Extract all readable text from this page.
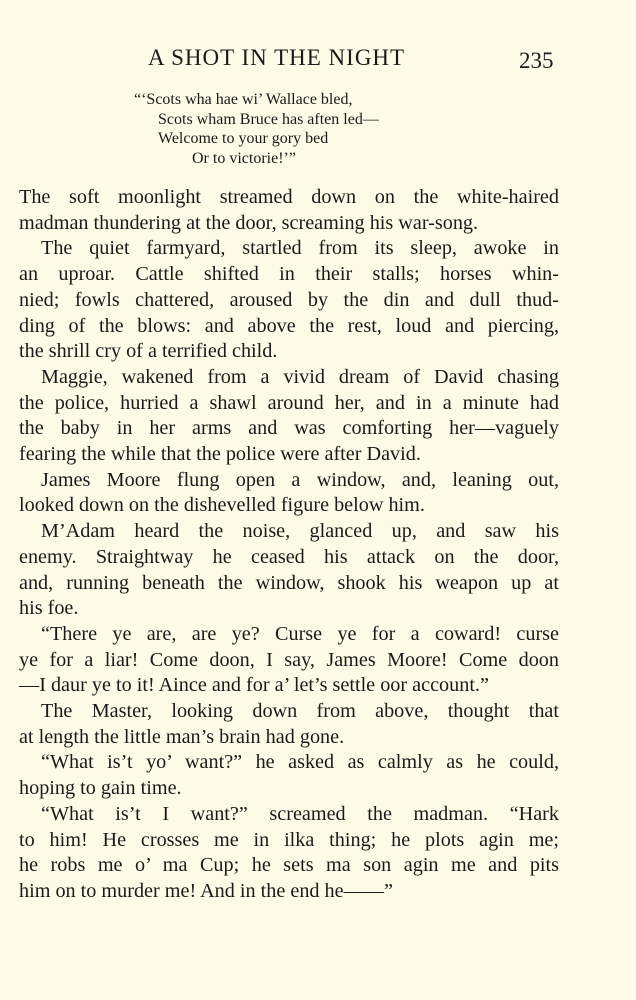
A SHOT IN THE NIGHT	235
“‘Scots wha hae wi’ Wallace bled,
Scots wham Bruce has aften led—
Welcome to your gory bed
Or to victorie!’”
The soft moonlight streamed down on the white-haired
madman thundering at the door, screaming his war-song.
The quiet farmyard, startled from its sleep, awoke in
an uproar. Cattle shifted in their stalls; horses whin-
nied; fowls chattered, aroused by the din and dull thud-
ding of the blows: and above the rest, loud and piercing,
the shrill cry of a terrified child.
Maggie, wakened from a vivid dream of David chasing
the police, hurried a shawl around her, and in a minute had
the baby in her arms and was comforting her—vaguely
fearing the while that the police were after David.
James Moore flung open a window, and, leaning out,
looked down on the dishevelled figure below him.
M’Adam heard the noise, glanced up, and saw his
enemy. Straightway he ceased his attack on the door,
and, running beneath the window, shook his weapon up at
his foe.
“There ye are, are ye? Curse ye for a coward! curse
ye for a liar! Come doon, I say, James Moore! Come doon
—I daur ye to it! Aince and for a’ let’s settle oor account.”
The Master, looking down from above, thought that
at length the little man’s brain had gone.
“What is’t yo’ want?” he asked as calmly as he could,
hoping to gain time.
“What is’t I want?” screamed the madman. “Hark
to him! He crosses me in ilka thing; he plots agin me;
he robs me o’ ma Cup; he sets ma son agin me and pits
him on to murder me! And in the end he——”
